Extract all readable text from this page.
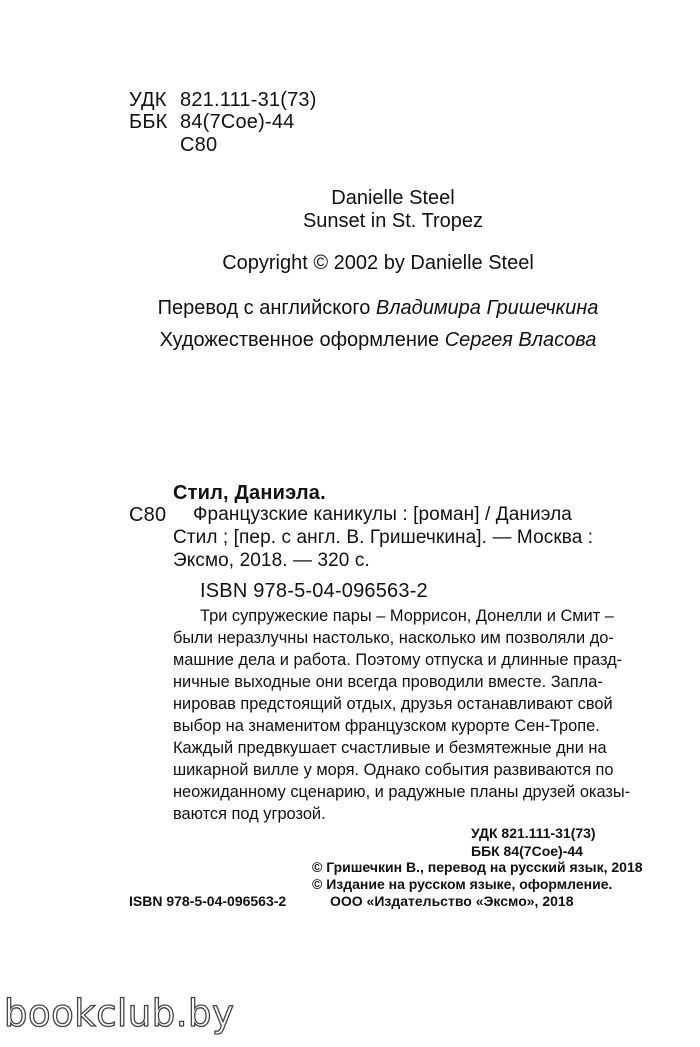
УДК 821.111-31(73)
ББК 84(7Сое)-44
С80
Danielle Steel
Sunset in St. Tropez
Copyright © 2002 by Danielle Steel
Перевод с английского Владимира Гришечкина
Художественное оформление Сергея Власова
Стил, Даниэла.
С80 Французские каникулы : [роман] / Даниэла
Стил ; [пер. с англ. В. Гришечкина]. — Москва :
Эксмо, 2018. — 320 с.
ISBN 978-5-04-096563-2
Три супружеские пары – Моррисон, Донелли и Смит –
были неразлучны настолько, насколько им позволяли до-
машние дела и работа. Поэтому отпуска и длинные празд-
ничные выходные они всегда проводили вместе. Запла-
нировав предстоящий отдых, друзья останавливают свой
выбор на знаменитом французском курорте Сен-Тропе.
Каждый предвкушает счастливые и безмятежные дни на
шикарной вилле у моря. Однако события развиваются по
неожиданному сценарию, и радужные планы друзей оказы-
ваются под угрозой.
УДК 821.111-31(73)
ББК 84(7Сое)-44
© Гришечкин В., перевод на русский язык, 2018
© Издание на русском языке, оформление.
ISBN 978-5-04-096563-2	ООО «Издательство «Эксмо», 2018
bookclub.by
